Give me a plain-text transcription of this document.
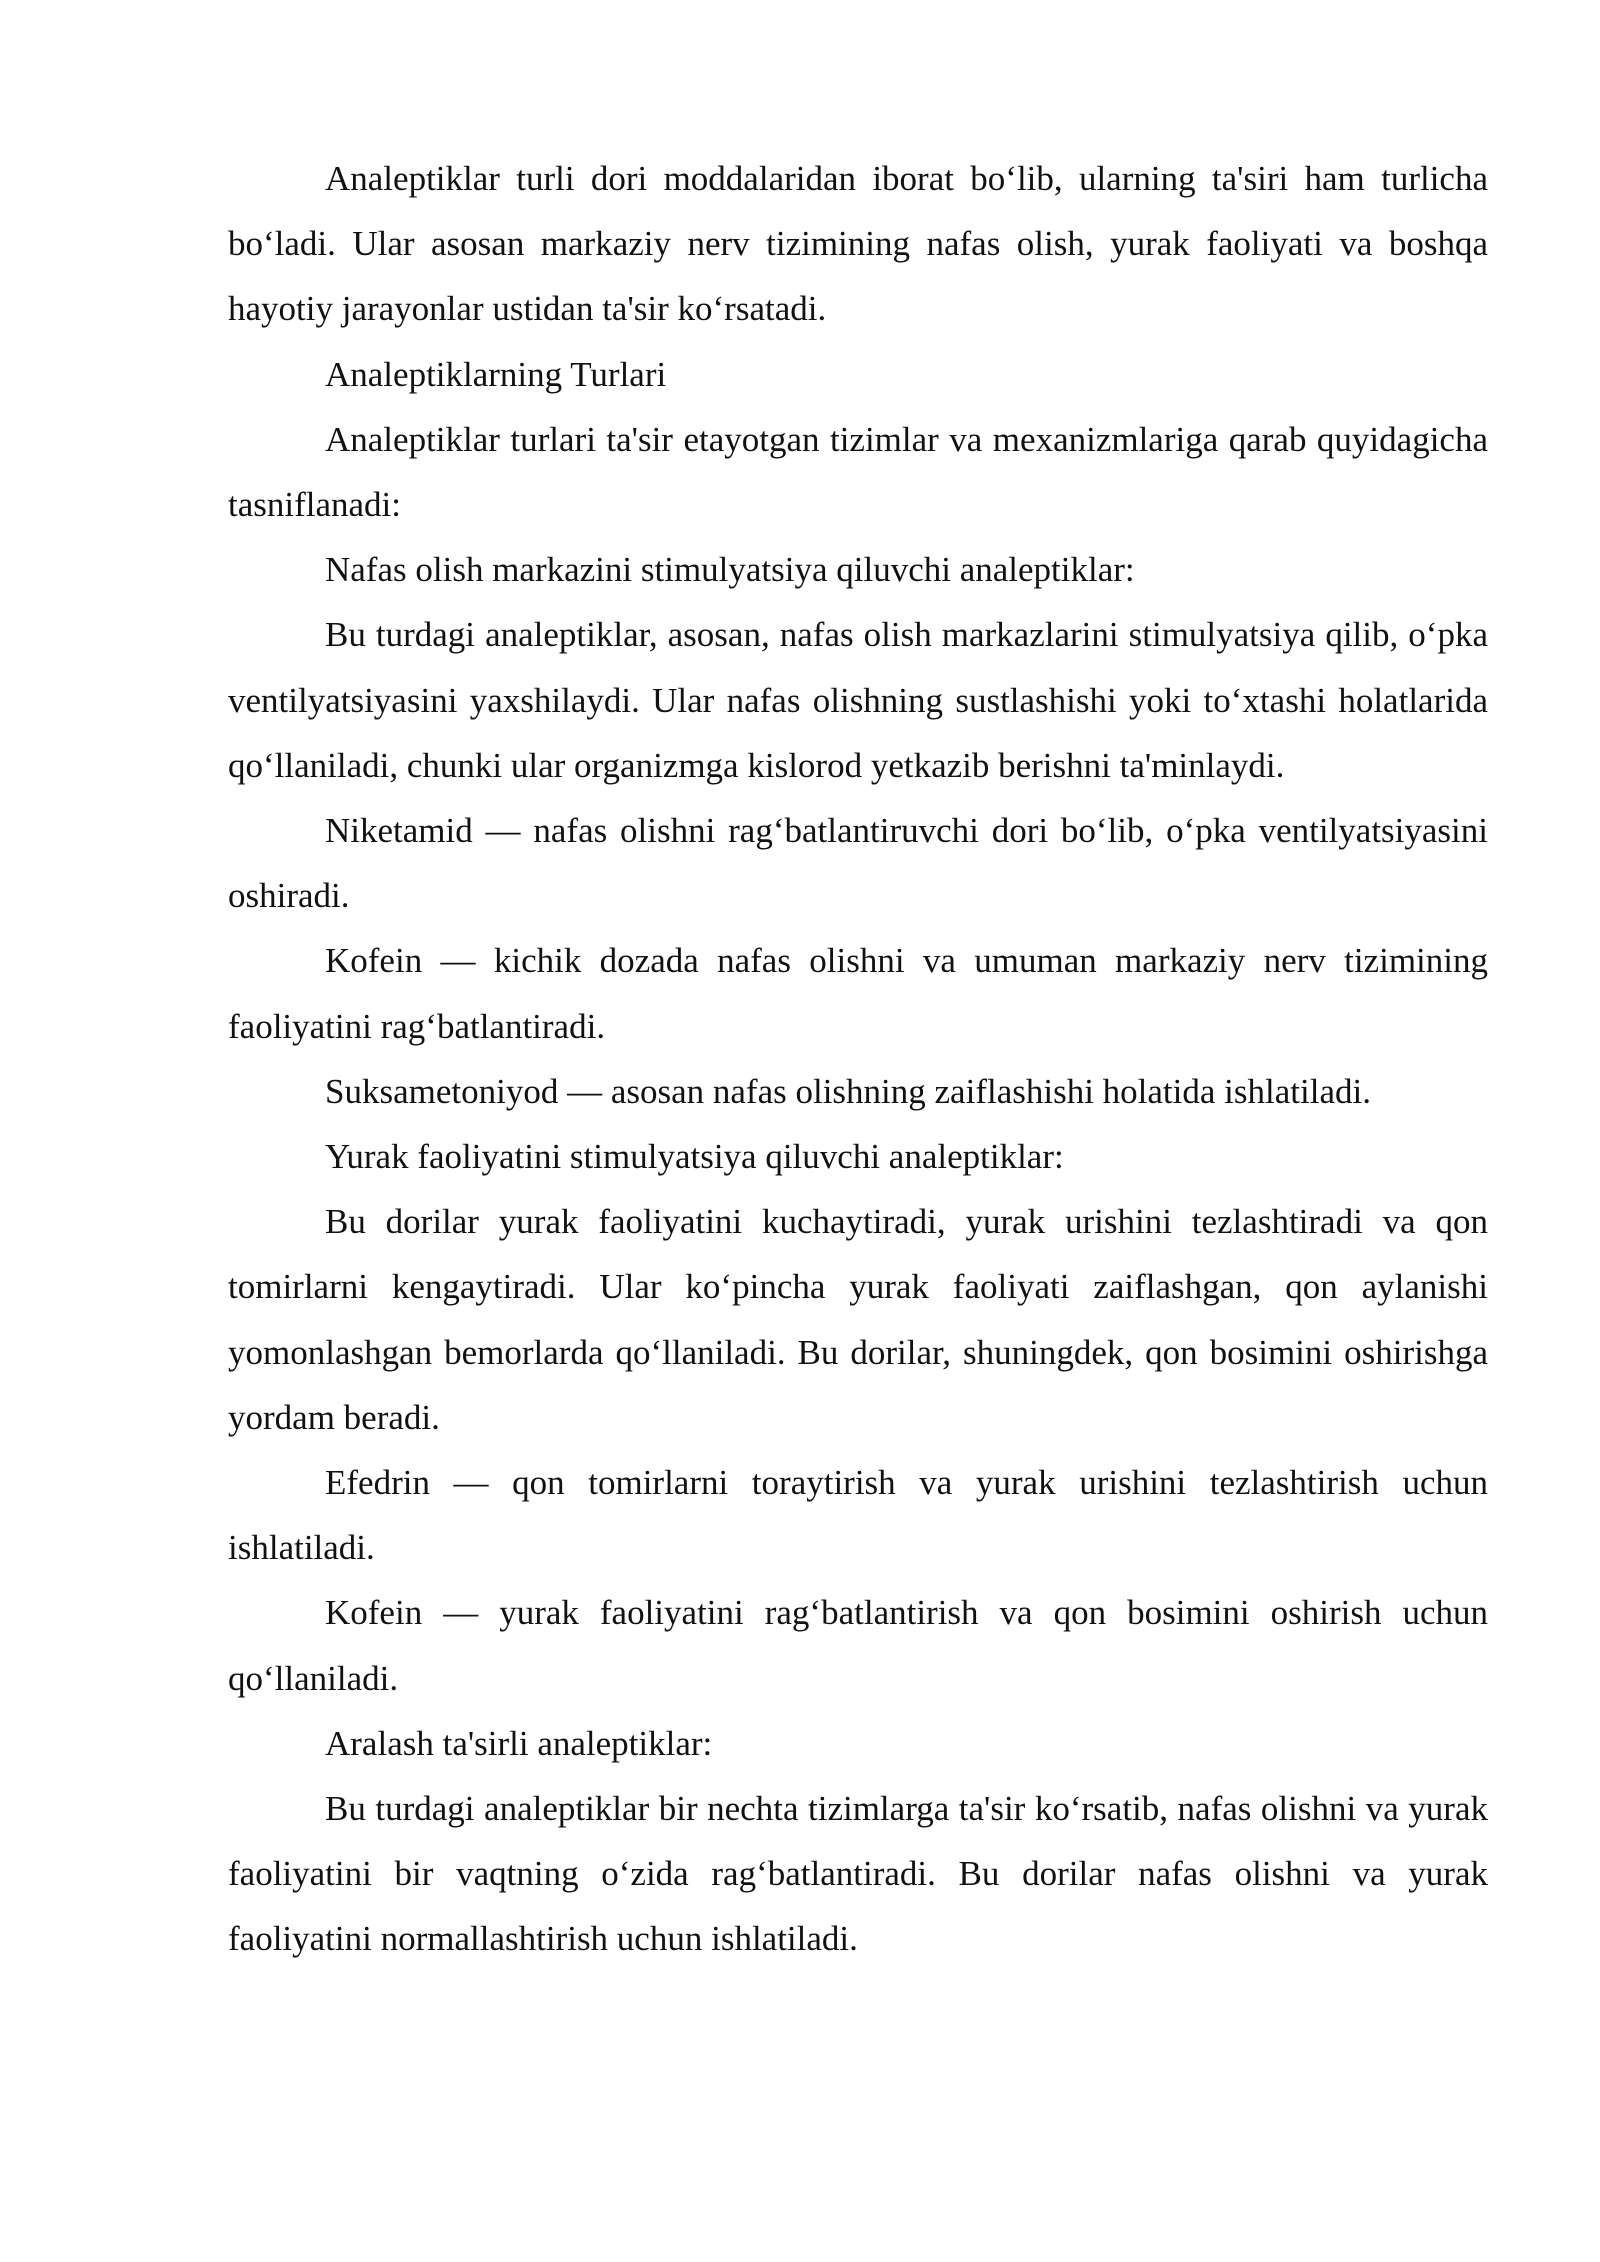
Analeptiklar turli dori moddalaridan iborat bo‘lib, ularning ta'siri ham turlicha bo‘ladi. Ular asosan markaziy nerv tizimining nafas olish, yurak faoliyati va boshqa hayotiy jarayonlar ustidan ta'sir ko‘rsatadi.

Analeptiklarning Turlari

Analeptiklar turlari ta'sir etayotgan tizimlar va mexanizmlariga qarab quyidagicha tasniflanadi:

Nafas olish markazini stimulyatsiya qiluvchi analeptiklar:

Bu turdagi analeptiklar, asosan, nafas olish markazlarini stimulyatsiya qilib, o‘pka ventilyatsiyasini yaxshilaydi. Ular nafas olishning sustlashishi yoki to‘xtashi holatlarida qo‘llaniladi, chunki ular organizmga kislorod yetkazib berishni ta'minlaydi.

Niketamid — nafas olishni rag‘batlantiruvchi dori bo‘lib, o‘pka ventilyatsiyasini oshiradi.

Kofein — kichik dozada nafas olishni va umuman markaziy nerv tizimining faoliyatini rag‘batlantiradi.

Suksametoniyod — asosan nafas olishning zaiflashishi holatida ishlatiladi.

Yurak faoliyatini stimulyatsiya qiluvchi analeptiklar:

Bu dorilar yurak faoliyatini kuchaytiradi, yurak urishini tezlashtiradi va qon tomirlarni kengaytiradi. Ular ko‘pincha yurak faoliyati zaiflashgan, qon aylanishi yomonlashgan bemorlarda qo‘llaniladi. Bu dorilar, shuningdek, qon bosimini oshirishga yordam beradi.

Efedrin — qon tomirlarni toraytirish va yurak urishini tezlashtirish uchun ishlatiladi.

Kofein — yurak faoliyatini rag‘batlantirish va qon bosimini oshirish uchun qo‘llaniladi.

Aralash ta'sirli analeptiklar:

Bu turdagi analeptiklar bir nechta tizimlarga ta'sir ko‘rsatib, nafas olishni va yurak faoliyatini bir vaqtning o‘zida rag‘batlantiradi. Bu dorilar nafas olishni va yurak faoliyatini normallashtirish uchun ishlatiladi.
